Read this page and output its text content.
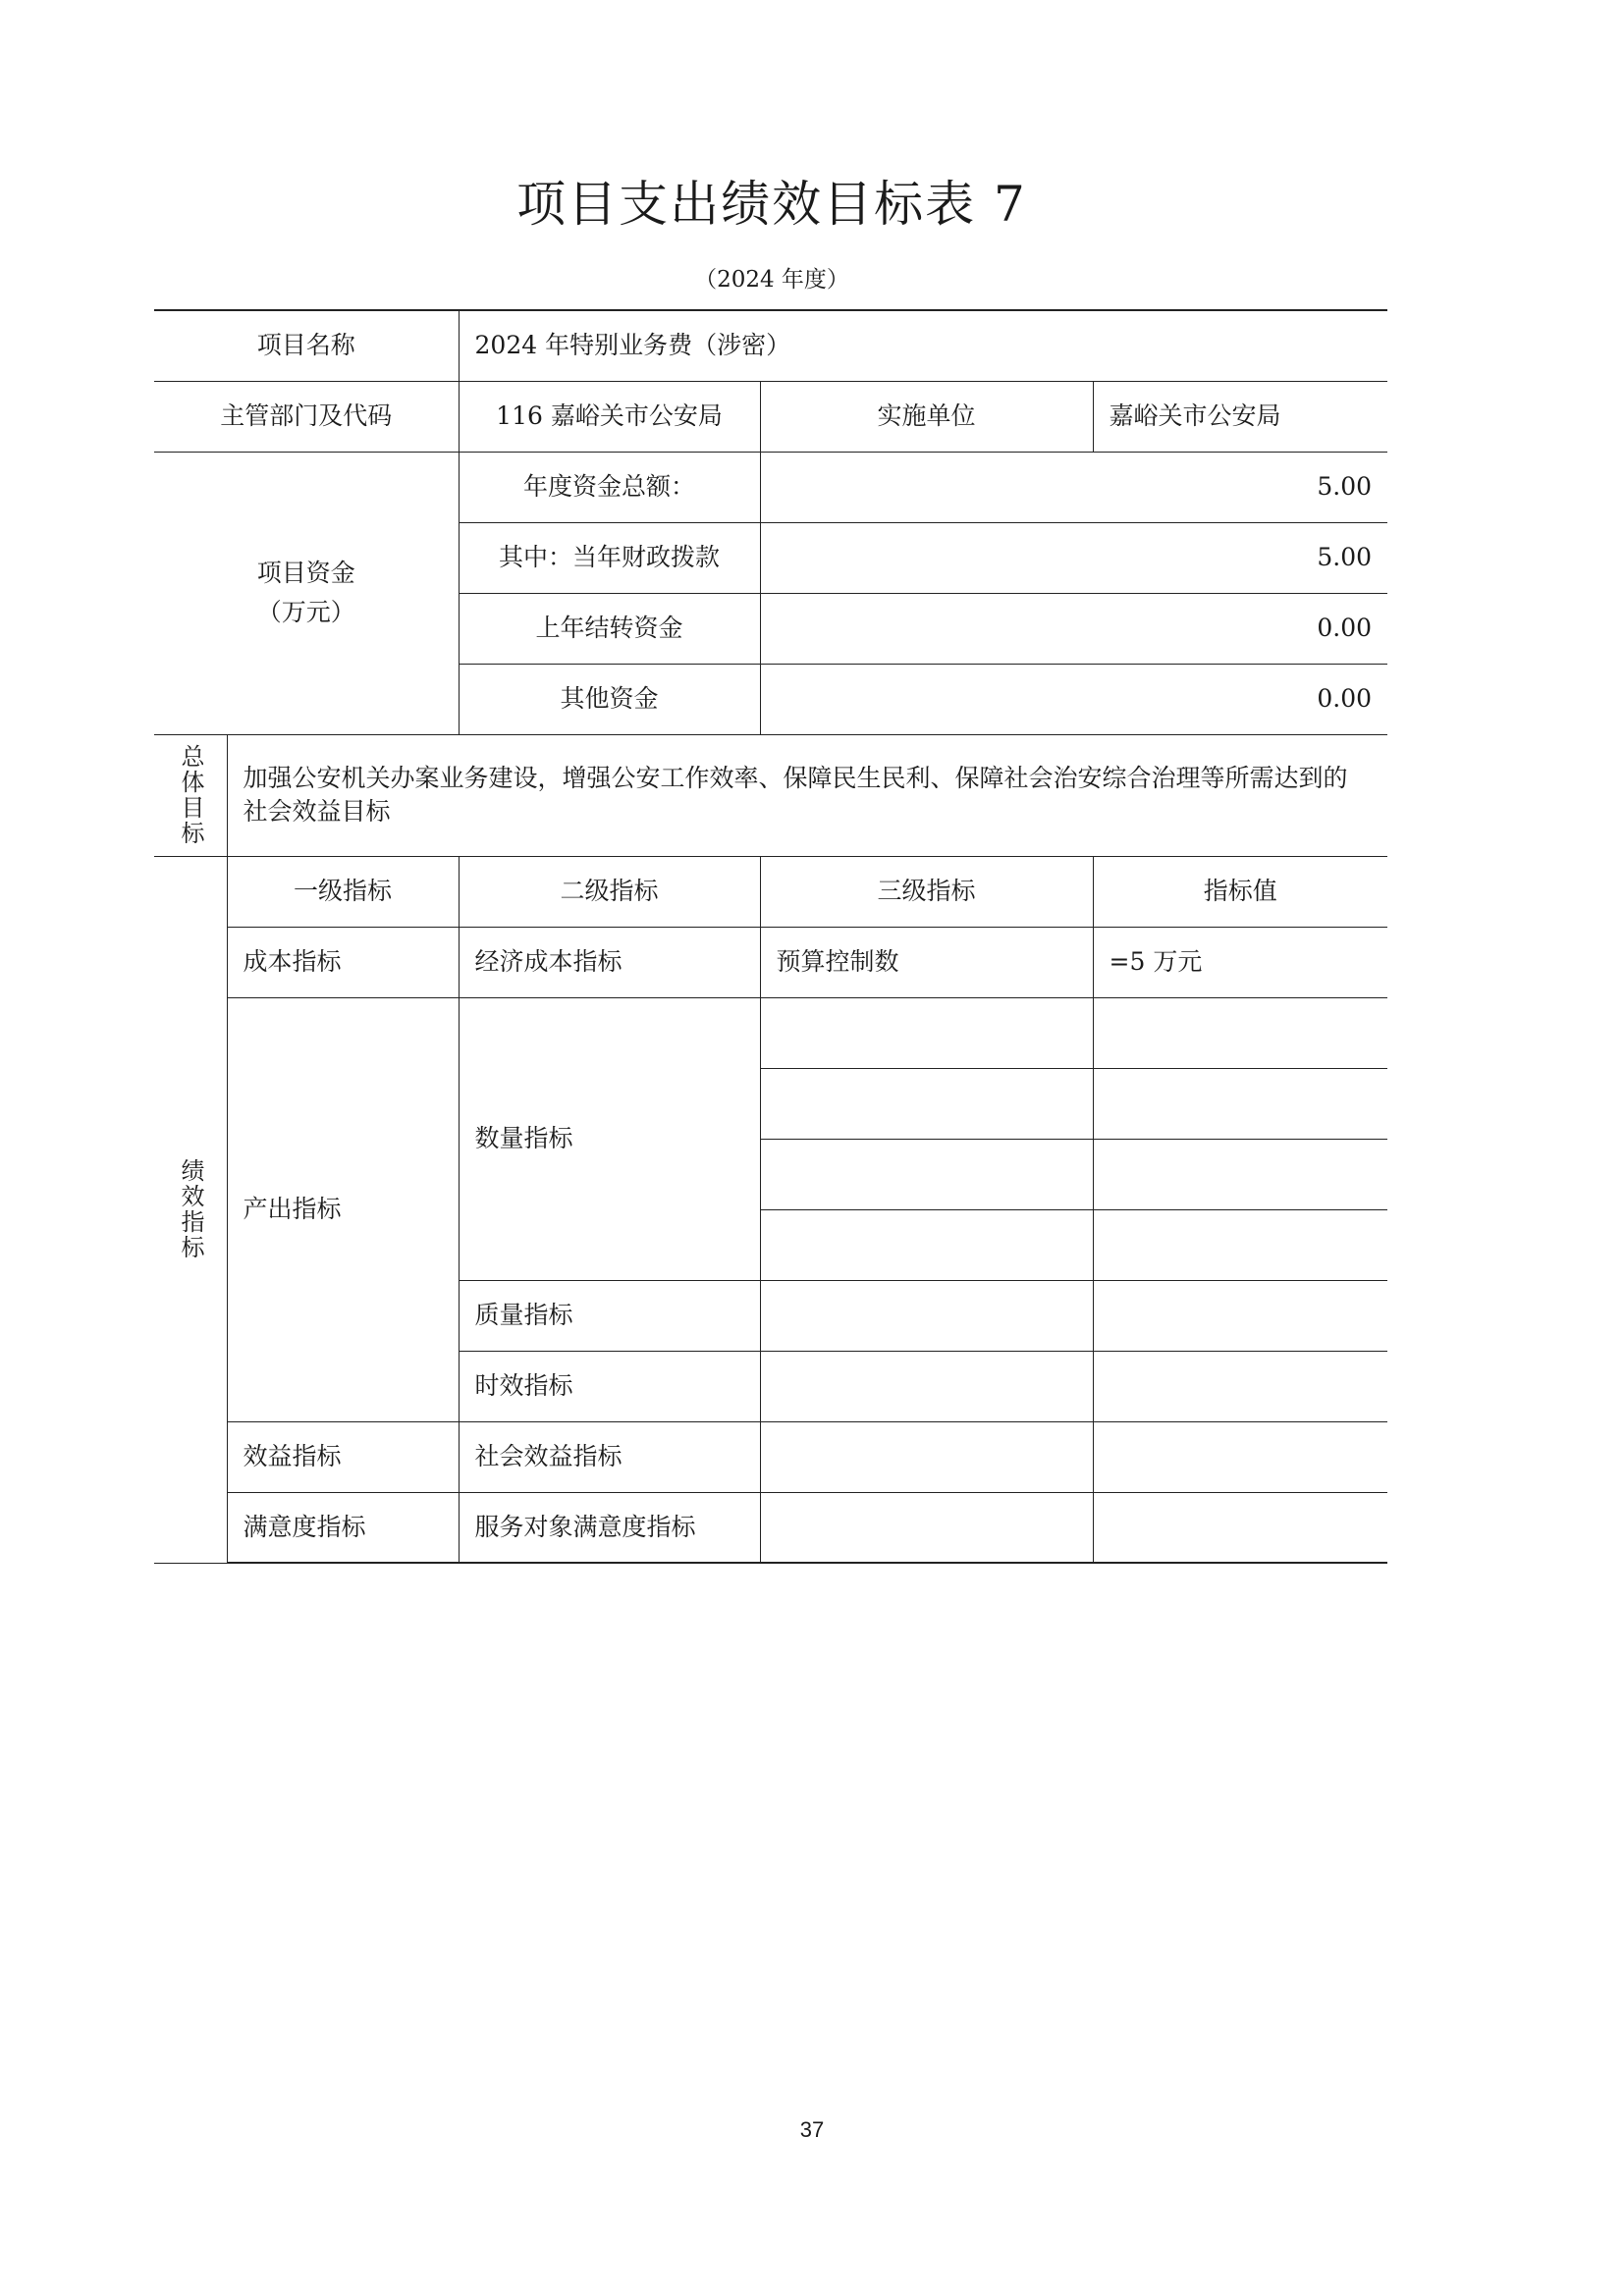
项目支出绩效目标表 7
（2024 年度）
项目名称		2024 年特别业务费（涉密）		
主管部门及代码		116 嘉峪关市公安局	实施单位	嘉峪关市公安局

项目资金
（万元）		年度资金总额：	5.00	
		其中：当年财政拨款	5.00	
		上年结转资金	0.00	
		其他资金	0.00	

总体目标	加强公安机关办案业务建设，增强公安工作效率、保障民生民利、保障社会治安综合治理等所需达到的社会效益目标			

绩效指标	一级指标	二级指标	三级指标	指标值
	成本指标	经济成本指标	预算控制数	=5 万元
	产出指标	数量指标		

		质量指标		
		时效指标		
	效益指标	社会效益指标		
	满意度指标	服务对象满意度指标		
37
